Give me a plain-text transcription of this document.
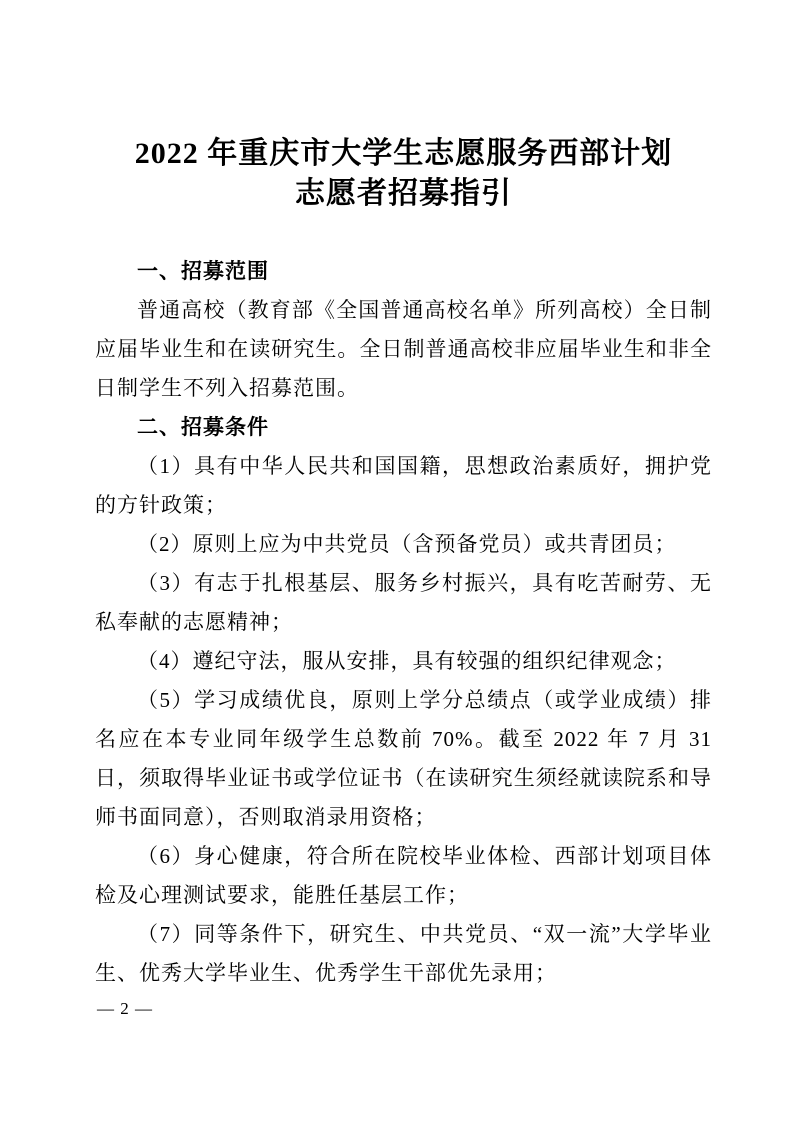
2022 年重庆市大学生志愿服务西部计划
志愿者招募指引
一、招募范围

普通高校（教育部《全国普通高校名单》所列高校）全日制应届毕业生和在读研究生。全日制普通高校非应届毕业生和非全日制学生不列入招募范围。

二、招募条件

（1）具有中华人民共和国国籍，思想政治素质好，拥护党的方针政策；

（2）原则上应为中共党员（含预备党员）或共青团员；

（3）有志于扎根基层、服务乡村振兴，具有吃苦耐劳、无私奉献的志愿精神；

（4）遵纪守法，服从安排，具有较强的组织纪律观念；

（5）学习成绩优良，原则上学分总绩点（或学业成绩）排名应在本专业同年级学生总数前 70%。截至 2022 年 7 月 31 日，须取得毕业证书或学位证书（在读研究生须经就读院系和导师书面同意），否则取消录用资格；

（6）身心健康，符合所在院校毕业体检、西部计划项目体检及心理测试要求，能胜任基层工作；

（7）同等条件下，研究生、中共党员、“双一流”大学毕业生、优秀大学毕业生、优秀学生干部优先录用；

— 2 —
